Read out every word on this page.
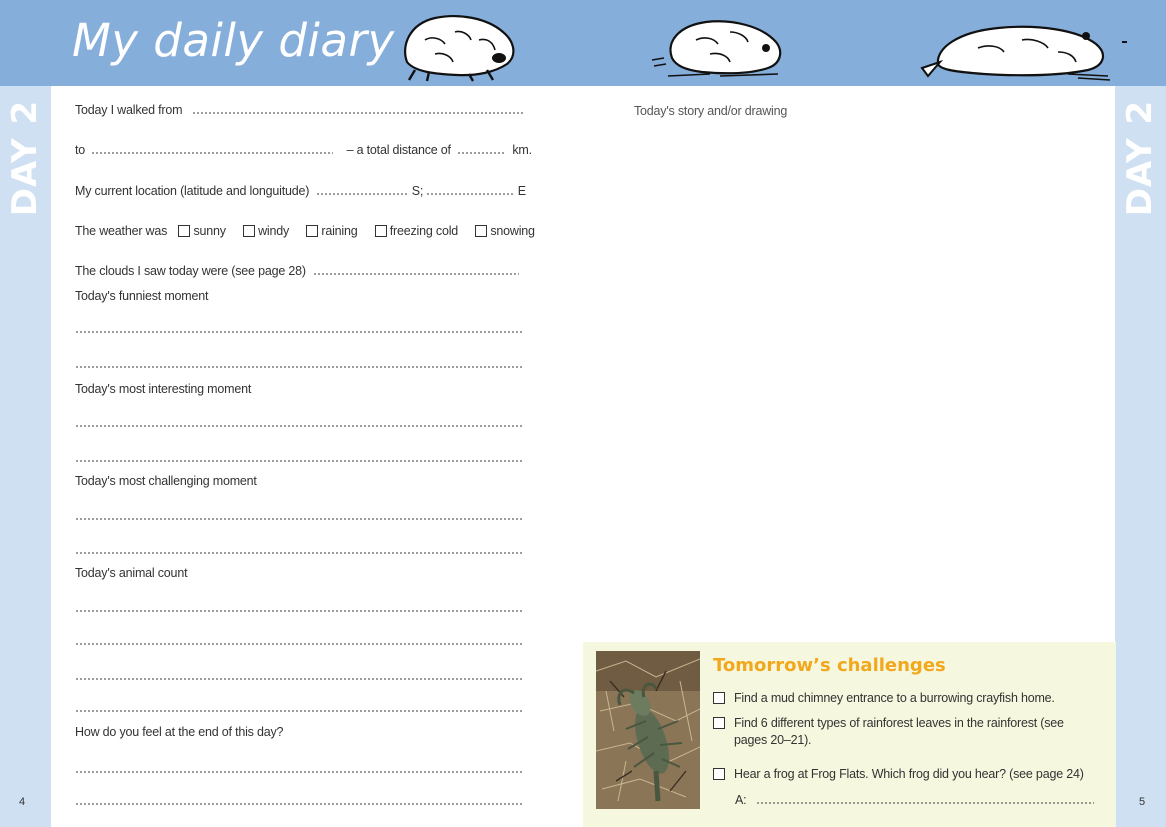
My daily diary
DAY 2	DAY 2
4	5
Today I walked from
to	– a total distance of	km.
My current location (latitude and longuitude)	S;	E
The weather was sunny	windy	raining	freezing cold	snowing
The clouds I saw today were (see page 28)
Today's funniest moment
Today's most interesting moment
Today's most challenging moment
Today's animal count
How do you feel at the end of this day?
Today's story and/or drawing
Tomorrow’s challenges
Find a mud chimney entrance to a burrowing crayfish home.
Find 6 different types of rainforest leaves in the rainforest (see
pages 20–21).
Hear a frog at Frog Flats. Which frog did you hear? (see page 24)
A:
